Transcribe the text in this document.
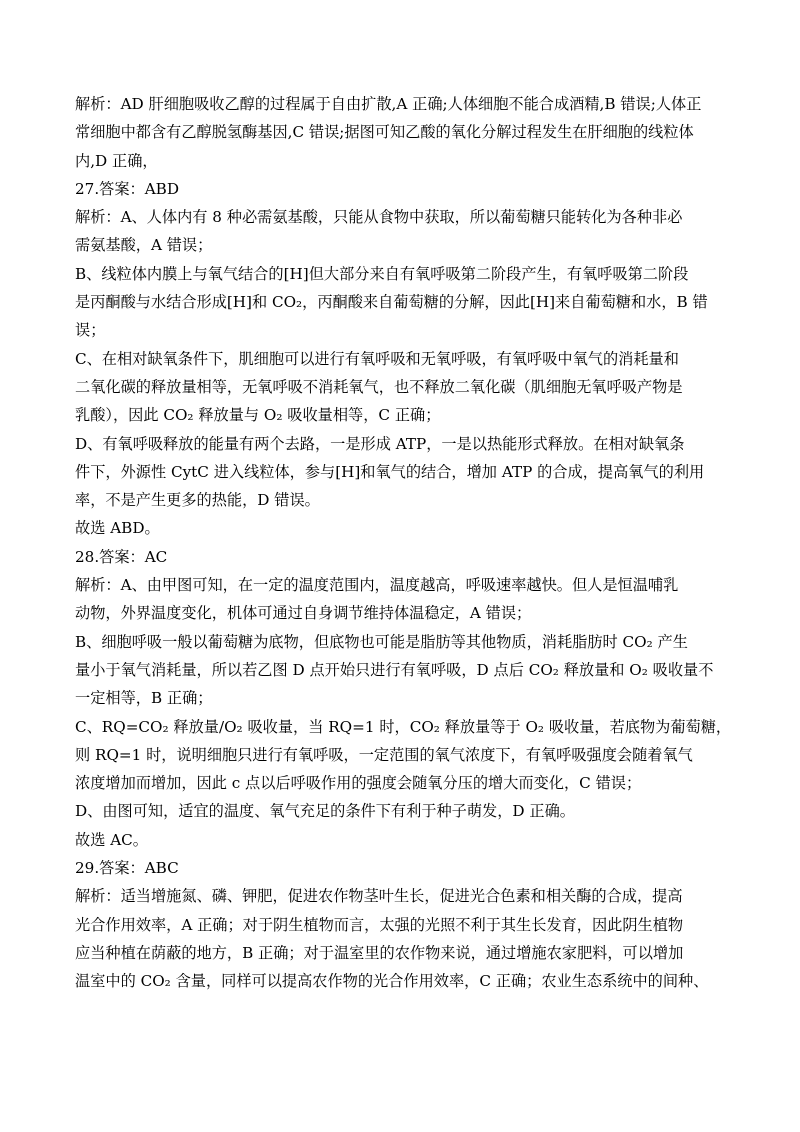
解析：AD 肝细胞吸收乙醇的过程属于自由扩散,A 正确;人体细胞不能合成酒精,B 错误;人体正
常细胞中都含有乙醇脱氢酶基因,C 错误;据图可知乙酸的氧化分解过程发生在肝细胞的线粒体
内,D 正确，
27.答案：ABD
解析：A、人体内有 8 种必需氨基酸，只能从食物中获取，所以葡萄糖只能转化为各种非必
需氨基酸，A 错误；
B、线粒体内膜上与氧气结合的[H]但大部分来自有氧呼吸第二阶段产生，有氧呼吸第二阶段
是丙酮酸与水结合形成[H]和 CO₂，丙酮酸来自葡萄糖的分解，因此[H]来自葡萄糖和水，B 错
误；
C、在相对缺氧条件下，肌细胞可以进行有氧呼吸和无氧呼吸，有氧呼吸中氧气的消耗量和
二氧化碳的释放量相等，无氧呼吸不消耗氧气，也不释放二氧化碳（肌细胞无氧呼吸产物是
乳酸），因此 CO₂ 释放量与 O₂ 吸收量相等，C 正确；
D、有氧呼吸释放的能量有两个去路，一是形成 ATP，一是以热能形式释放。在相对缺氧条
件下，外源性 CytC 进入线粒体，参与[H]和氧气的结合，增加 ATP 的合成，提高氧气的利用
率，不是产生更多的热能，D 错误。
故选 ABD。
28.答案：AC
解析：A、由甲图可知，在一定的温度范围内，温度越高，呼吸速率越快。但人是恒温哺乳
动物，外界温度变化，机体可通过自身调节维持体温稳定，A 错误；
B、细胞呼吸一般以葡萄糖为底物，但底物也可能是脂肪等其他物质，消耗脂肪时 CO₂ 产生
量小于氧气消耗量，所以若乙图 D 点开始只进行有氧呼吸，D 点后 CO₂ 释放量和 O₂ 吸收量不
一定相等，B 正确；
C、RQ=CO₂ 释放量/O₂ 吸收量，当 RQ=1 时，CO₂ 释放量等于 O₂ 吸收量，若底物为葡萄糖，
则 RQ=1 时，说明细胞只进行有氧呼吸，一定范围的氧气浓度下，有氧呼吸强度会随着氧气
浓度增加而增加，因此 c 点以后呼吸作用的强度会随氧分压的增大而变化，C 错误；
D、由图可知，适宜的温度、氧气充足的条件下有利于种子萌发，D 正确。
故选 AC。
29.答案：ABC
解析：适当增施氮、磷、钾肥，促进农作物茎叶生长，促进光合色素和相关酶的合成，提高
光合作用效率，A 正确；对于阴生植物而言，太强的光照不利于其生长发育，因此阴生植物
应当种植在荫蔽的地方，B 正确；对于温室里的农作物来说，通过增施农家肥料，可以增加
温室中的 CO₂ 含量，同样可以提高农作物的光合作用效率，C 正确；农业生态系统中的间种、
